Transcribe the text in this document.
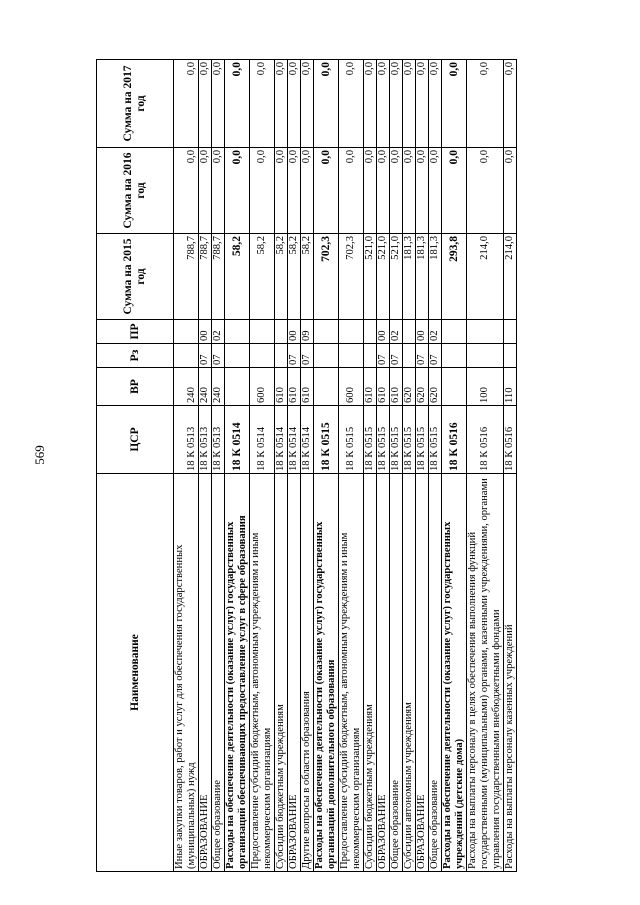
569
Наименование	ЦСР	ВР	Рз	ПР	Сумма на 2015 год	Сумма на 2016 год	Сумма на 2017 год
Иные закупки товаров, работ и услуг для обеспечения государственных (муниципальных) нужд	18 К 0513	240			788,7	0,0	0,0
ОБРАЗОВАНИЕ	18 К 0513	240	07	00	788,7	0,0	0,0
Общее образование	18 К 0513	240	07	02	788,7	0,0	0,0
Расходы на обеспечение деятельности (оказание услуг) государственных организаций обеспечивающих предоставление услуг в сфере образования	18 К 0514				58,2	0,0	0,0
Предоставление субсидий бюджетным, автономным учреждениям и иным некоммерческим организациям	18 К 0514	600			58,2	0,0	0,0
Субсидии бюджетным учреждениям	18 К 0514	610			58,2	0,0	0,0
ОБРАЗОВАНИЕ	18 К 0514	610	07	00	58,2	0,0	0,0
Другие вопросы в области образования	18 К 0514	610	07	09	58,2	0,0	0,0
Расходы на обеспечение деятельности (оказание услуг) государственных организаций дополнительного образования	18 К 0515				702,3	0,0	0,0
Предоставление субсидий бюджетным, автономным учреждениям и иным некоммерческим организациям	18 К 0515	600			702,3	0,0	0,0
Субсидии бюджетным учреждениям	18 К 0515	610			521,0	0,0	0,0
ОБРАЗОВАНИЕ	18 К 0515	610	07	00	521,0	0,0	0,0
Общее образование	18 К 0515	610	07	02	521,0	0,0	0,0
Субсидии автономным учреждениям	18 К 0515	620			181,3	0,0	0,0
ОБРАЗОВАНИЕ	18 К 0515	620	07	00	181,3	0,0	0,0
Общее образование	18 К 0515	620	07	02	181,3	0,0	0,0
Расходы на обеспечение деятельности (оказание услуг) государственных учреждений (детские дома)	18 К 0516				293,8	0,0	0,0
Расходы на выплаты персоналу в целях обеспечения выполнения функций государственными (муниципальными) органами, казенными учреждениями, органами управления государственными внебюджетными фондами	18 К 0516	100			214,0	0,0	0,0
Расходы на выплаты персоналу казенных учреждений	18 К 0516	110			214,0	0,0	0,0
